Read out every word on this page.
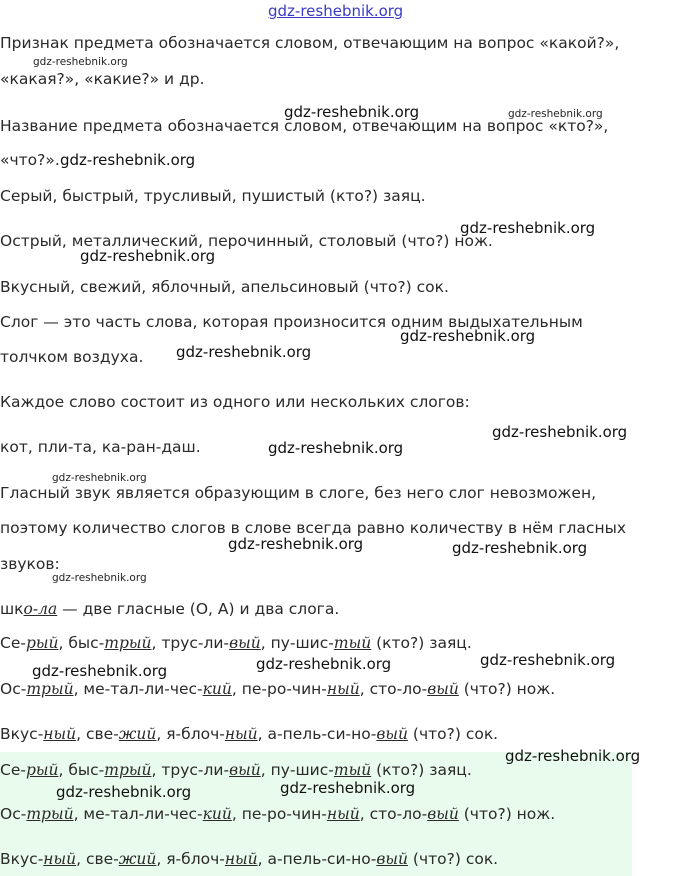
gdz-reshebnik.org
Признак предмета обозначается словом, отвечающим на вопрос «какой?»,
gdz-reshebnik.org
«какая?», «какие?» и др.
gdz-reshebnik.org	gdz-reshebnik.org
Название предмета обозначается словом, отвечающим на вопрос «кто?»,
«что?». gdz-reshebnik.org
Серый, быстрый, трусливый, пушистый (кто?) заяц.
gdz-reshebnik.org
Острый, металлический, перочинный, столовый (что?) нож.
gdz-reshebnik.org
Вкусный, свежий, яблочный, апельсиновый (что?) сок.
Слог — это часть слова, которая произносится одним выдыхательным
gdz-reshebnik.org
толчком воздуха. gdz-reshebnik.org
Каждое слово состоит из одного или нескольких слогов:
gdz-reshebnik.org
кот, пли-та, ка-ран-даш.	gdz-reshebnik.org
gdz-reshebnik.org
Гласный звук является образующим в слоге, без него слог невозможен,
поэтому количество слогов в слове всегда равно количеству в нём гласных
gdz-reshebnik.org	gdz-reshebnik.org
звуков:
gdz-reshebnik.org
шко-ла — две гласные (О, А) и два слога.
Се-рый, быс-трый, трус-ли-вый, пу-шис-тый (кто?) заяц.
gdz-reshebnik.org	gdz-reshebnik.org	gdz-reshebnik.org
Ос-трый, ме-тал-ли-чес-кий, пе-ро-чин-ный, сто-ло-вый (что?) нож.
Вкус-ный, све-жий, я-блоч-ный, а-пель-си-но-вый (что?) сок.
gdz-reshebnik.org
Се-рый, быс-трый, трус-ли-вый, пу-шис-тый (кто?) заяц.
gdz-reshebnik.org	gdz-reshebnik.org
Ос-трый, ме-тал-ли-чес-кий, пе-ро-чин-ный, сто-ло-вый (что?) нож.
Вкус-ный, све-жий, я-блоч-ный, а-пель-си-но-вый (что?) сок.
